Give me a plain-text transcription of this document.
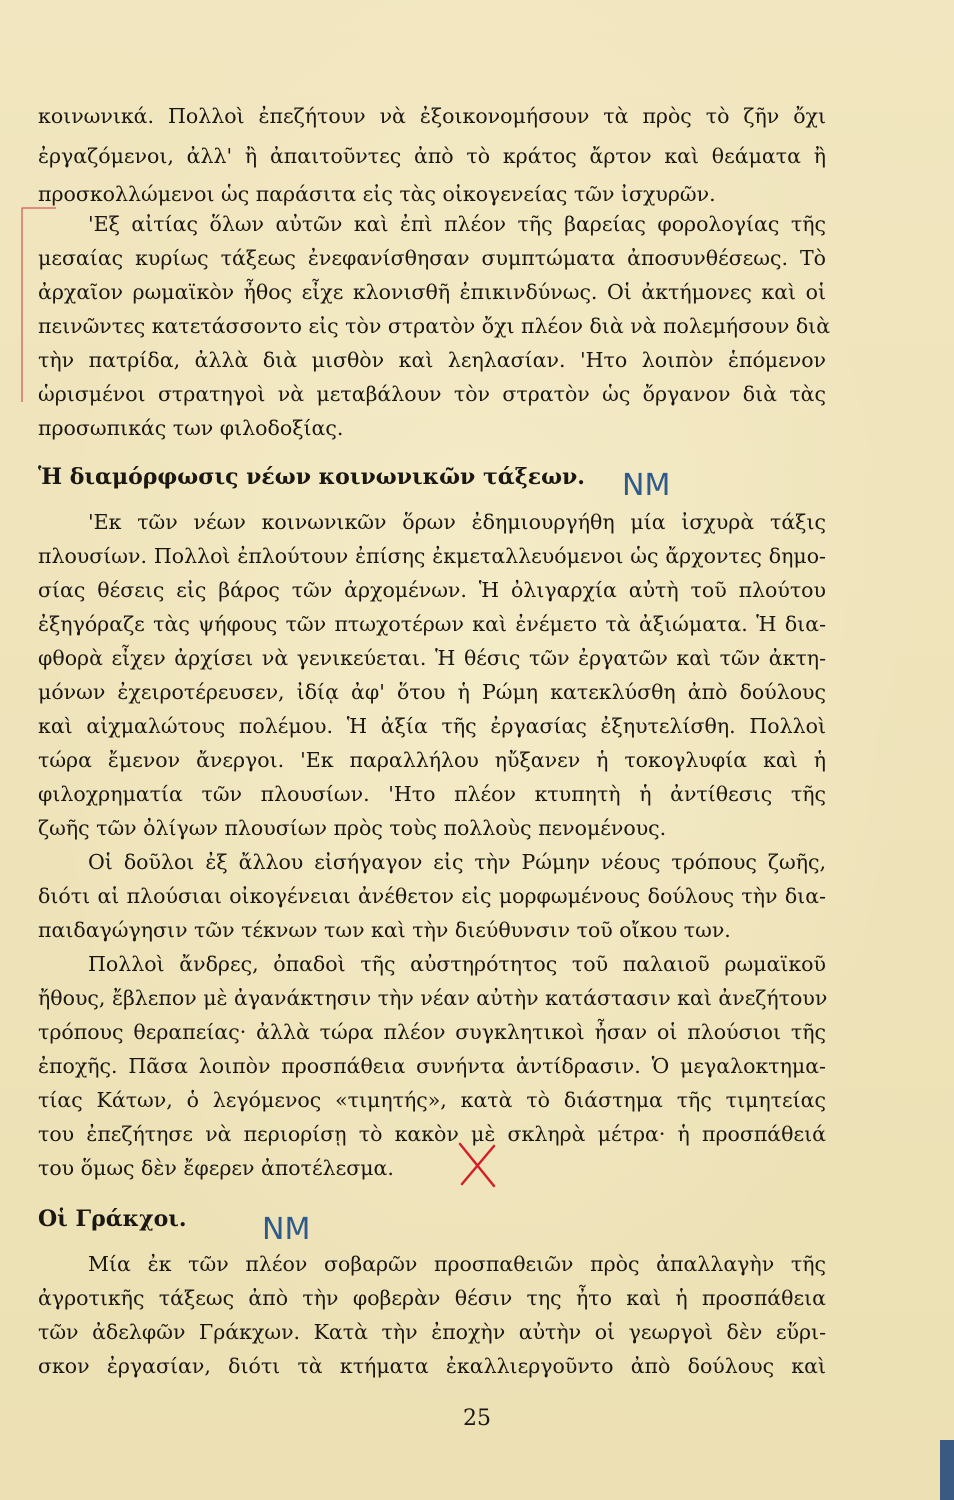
κοινωνικά. Πολλοὶ ἐπεζήτουν νὰ ἐξοικονομήσουν τὰ πρὸς τὸ ζῆν ὄχι
ἐργαζόμενοι, ἀλλ' ἢ ἀπαιτοῦντες ἀπὸ τὸ κράτος ἄρτον καὶ θεάματα ἢ
προσκολλώμενοι ὡς παράσιτα εἰς τὰς οἰκογενείας τῶν ἰσχυρῶν.
'Εξ αἰτίας ὅλων αὐτῶν καὶ ἐπὶ πλέον τῆς βαρείας φορολογίας τῆς
μεσαίας κυρίως τάξεως ἐνεφανίσθησαν συμπτώματα ἀποσυνθέσεως. Τὸ
ἀρχαῖον ρωμαϊκὸν ἦθος εἶχε κλονισθῆ ἐπικινδύνως. Οἱ ἀκτήμονες καὶ οἱ
πεινῶντες κατετάσσοντο εἰς τὸν στρατὸν ὄχι πλέον διὰ νὰ πολεμήσουν διὰ
τὴν πατρίδα, ἀλλὰ διὰ μισθὸν καὶ λεηλασίαν. 'Ητο λοιπὸν ἑπόμενον
ὡρισμένοι στρατηγοὶ νὰ μεταβάλουν τὸν στρατὸν ὡς ὄργανον διὰ τὰς
προσωπικάς των φιλοδοξίας.
Ἡ διαμόρφωσις νέων κοινωνικῶν τάξεων. NM
'Εκ τῶν νέων κοινωνικῶν ὅρων ἐδημιουργήθη μία ἰσχυρὰ τάξις
πλουσίων. Πολλοὶ ἐπλούτουν ἐπίσης ἐκμεταλλευόμενοι ὡς ἄρχοντες δημο-
σίας θέσεις εἰς βάρος τῶν ἀρχομένων. Ἡ ὀλιγαρχία αὐτὴ τοῦ πλούτου
ἐξηγόραζε τὰς ψήφους τῶν πτωχοτέρων καὶ ἐνέμετο τὰ ἀξιώματα. Ἡ δια-
φθορὰ εἶχεν ἀρχίσει νὰ γενικεύεται. Ἡ θέσις τῶν ἐργατῶν καὶ τῶν ἀκτη-
μόνων ἐχειροτέρευσεν, ἰδίᾳ ἀφ' ὅτου ἡ Ρώμη κατεκλύσθη ἀπὸ δούλους
καὶ αἰχμαλώτους πολέμου. Ἡ ἀξία τῆς ἐργασίας ἐξηυτελίσθη. Πολλοὶ
τώρα ἔμενον ἄνεργοι. 'Εκ παραλλήλου ηὔξανεν ἡ τοκογλυφία καὶ ἡ
φιλοχρηματία τῶν πλουσίων. 'Ητο πλέον κτυπητὴ ἡ ἀντίθεσις τῆς
ζωῆς τῶν ὀλίγων πλουσίων πρὸς τοὺς πολλοὺς πενομένους.
Οἱ δοῦλοι ἐξ ἄλλου εἰσήγαγον εἰς τὴν Ρώμην νέους τρόπους ζωῆς,
διότι αἱ πλούσιαι οἰκογένειαι ἀνέθετον εἰς μορφωμένους δούλους τὴν δια-
παιδαγώγησιν τῶν τέκνων των καὶ τὴν διεύθυνσιν τοῦ οἴκου των.
Πολλοὶ ἄνδρες, ὀπαδοὶ τῆς αὐστηρότητος τοῦ παλαιοῦ ρωμαϊκοῦ
ἤθους, ἔβλεπον μὲ ἀγανάκτησιν τὴν νέαν αὐτὴν κατάστασιν καὶ ἀνεζήτουν
τρόπους θεραπείας· ἀλλὰ τώρα πλέον συγκλητικοὶ ἦσαν οἱ πλούσιοι τῆς
ἐποχῆς. Πᾶσα λοιπὸν προσπάθεια συνήντα ἀντίδρασιν. Ὁ μεγαλοκτημα-
τίας Κάτων, ὁ λεγόμενος «τιμητής», κατὰ τὸ διάστημα τῆς τιμητείας
του ἐπεζήτησε νὰ περιορίσῃ τὸ κακὸν μὲ σκληρὰ μέτρα· ἡ προσπάθειά
του ὅμως δὲν ἔφερεν ἀποτέλεσμα.
Οἱ Γράκχοι.	NM
Μία ἐκ τῶν πλέον σοβαρῶν προσπαθειῶν πρὸς ἀπαλλαγὴν τῆς
ἀγροτικῆς τάξεως ἀπὸ τὴν φοβερὰν θέσιν της ἦτο καὶ ἡ προσπάθεια
τῶν ἀδελφῶν Γράκχων. Κατὰ τὴν ἐποχὴν αὐτὴν οἱ γεωργοὶ δὲν εὕρι-
σκον ἐργασίαν, διότι τὰ κτήματα ἐκαλλιεργοῦντο ἀπὸ δούλους καὶ
25
